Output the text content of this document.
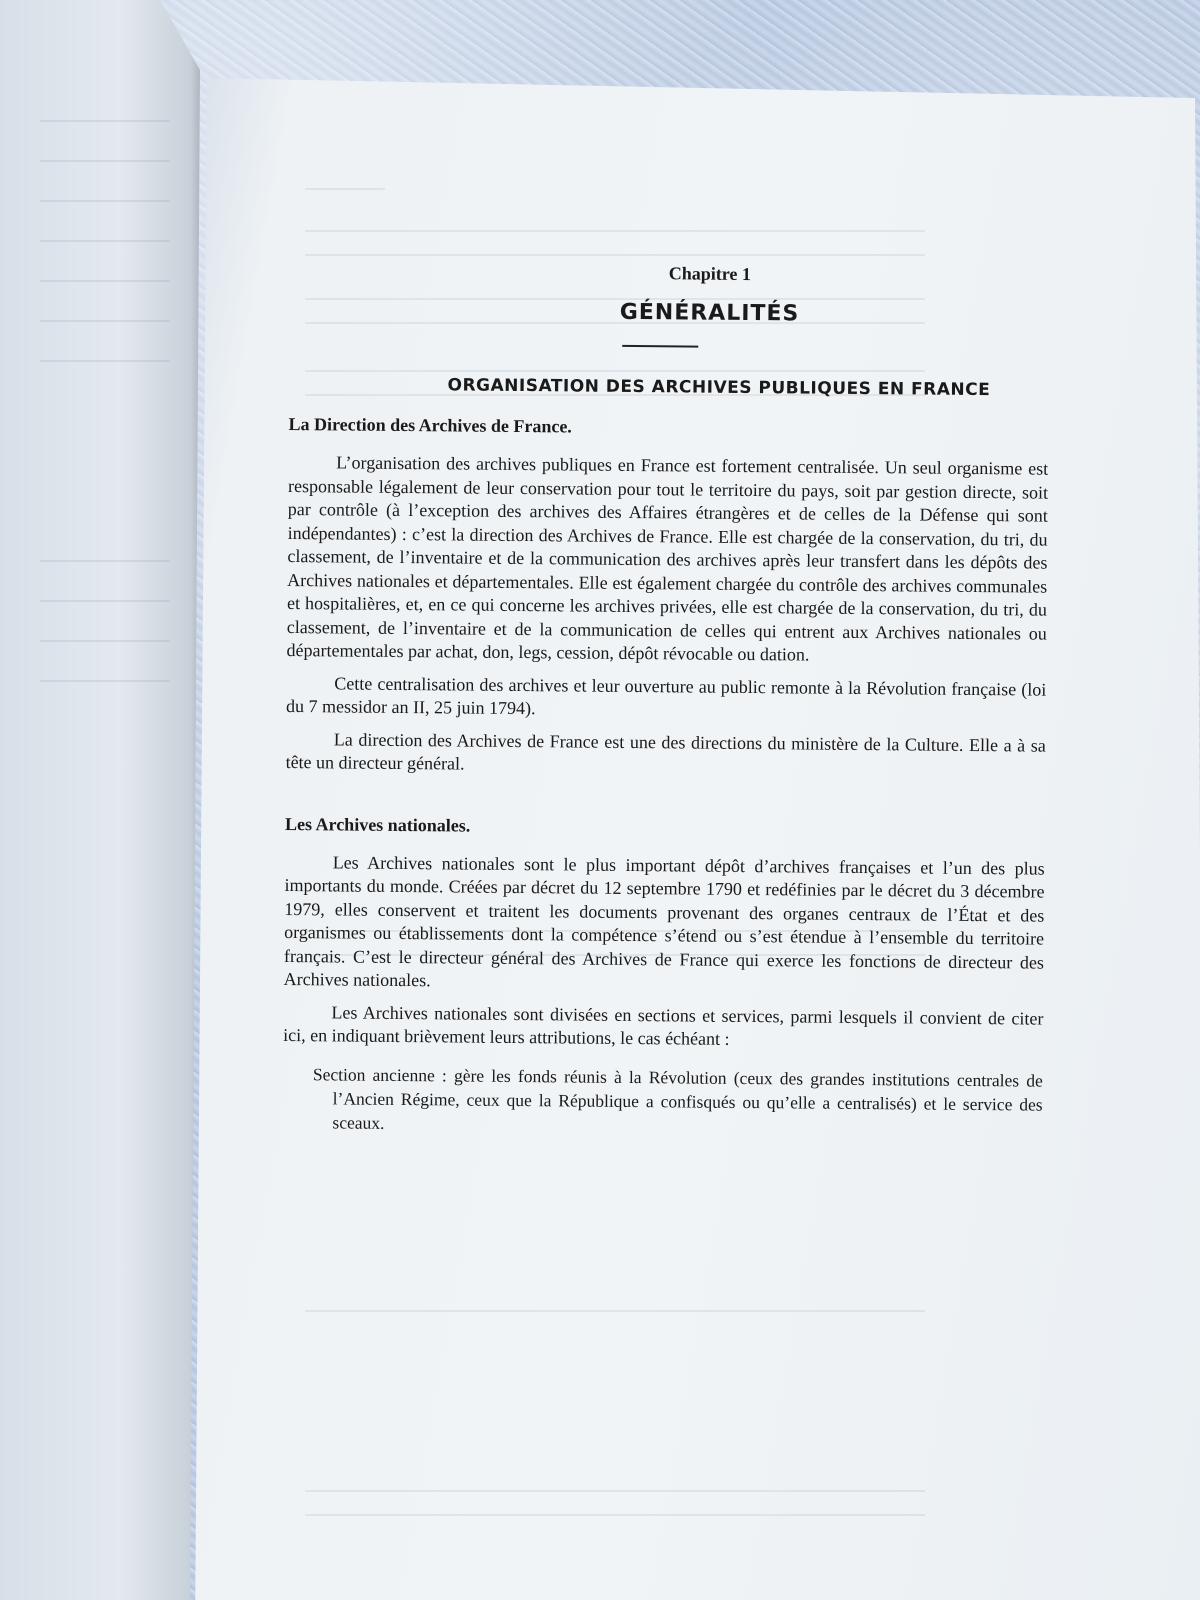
Chapitre 1

GÉNÉRALITÉS
ORGANISATION DES ARCHIVES PUBLIQUES EN FRANCE
La Direction des Archives de France.

L’organisation des archives publiques en France est fortement centralisée. Un seul organisme est responsable légalement de leur conservation pour tout le territoire du pays, soit par gestion directe, soit par contrôle (à l’exception des archives des Affaires étrangères et de celles de la Défense qui sont indépendantes) : c’est la direction des Archives de France. Elle est chargée de la conservation, du tri, du classement, de l’inventaire et de la communication des archives après leur transfert dans les dépôts des Archives nationales et départementales. Elle est également chargée du contrôle des archives communales et hospitalières, et, en ce qui concerne les archives privées, elle est chargée de la conservation, du tri, du classement, de l’inventaire et de la communication de celles qui entrent aux Archives nationales ou départementales par achat, don, legs, cession, dépôt révocable ou dation.

Cette centralisation des archives et leur ouverture au public remonte à la Révolution française (loi du 7 messidor an II, 25 juin 1794).

La direction des Archives de France est une des directions du ministère de la Culture. Elle a à sa tête un directeur général.

Les Archives nationales.

Les Archives nationales sont le plus important dépôt d’archives françaises et l’un des plus importants du monde. Créées par décret du 12 septembre 1790 et redéfinies par le décret du 3 décembre 1979, elles conservent et traitent les documents provenant des organes centraux de l’État et des organismes ou établissements dont la compétence s’étend ou s’est étendue à l’ensemble du territoire français. C’est le directeur général des Archives de France qui exerce les fonctions de directeur des Archives nationales.

Les Archives nationales sont divisées en sections et services, parmi lesquels il convient de citer ici, en indiquant brièvement leurs attributions, le cas échéant :

Section ancienne : gère les fonds réunis à la Révolution (ceux des grandes institutions centrales de l’Ancien Régime, ceux que la République a confisqués ou qu’elle a centralisés) et le service des sceaux.
